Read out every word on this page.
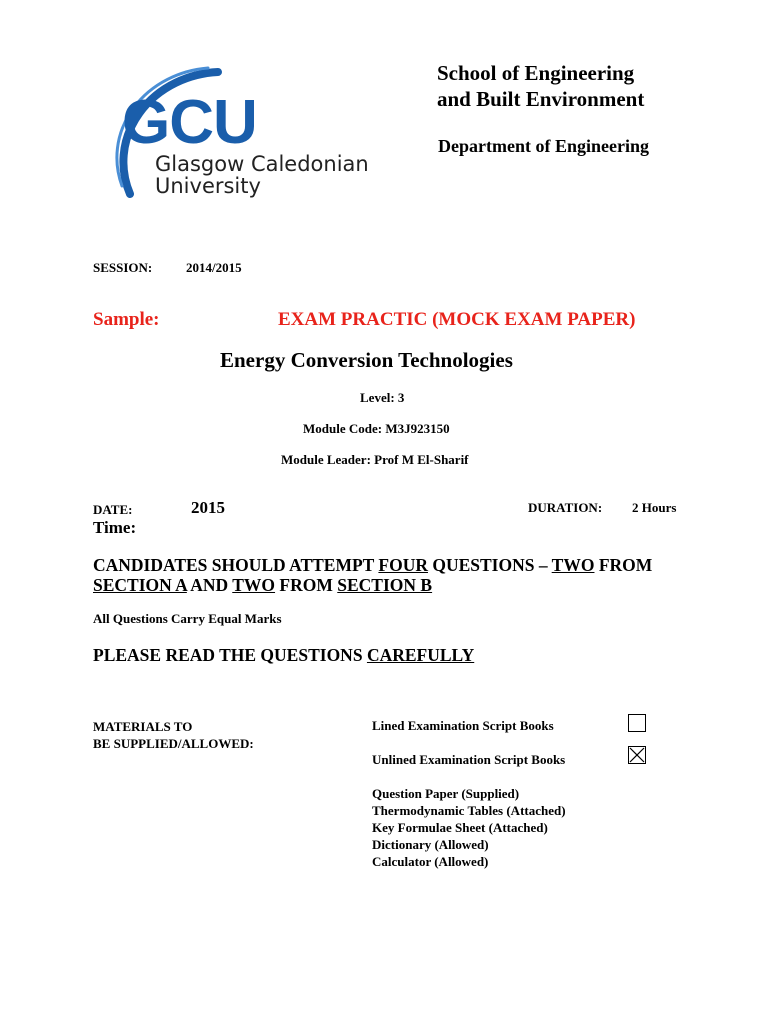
GCU
Glasgow Caledonian
University
School of Engineering
and Built Environment
Department of Engineering
SESSION:	2014/2015
Sample:	EXAM PRACTIC (MOCK EXAM PAPER)
Energy Conversion Technologies
Level: 3
Module Code: M3J923150
Module Leader: Prof M El-Sharif
DATE:	2015
Time:
DURATION: 2 Hours
CANDIDATES SHOULD ATTEMPT FOUR QUESTIONS – TWO FROM
SECTION A AND TWO FROM SECTION B
All Questions Carry Equal Marks
PLEASE READ THE QUESTIONS CAREFULLY
MATERIALS TO
BE SUPPLIED/ALLOWED:
Lined Examination Script Books
Unlined Examination Script Books
Question Paper (Supplied)
Thermodynamic Tables (Attached)
Key Formulae Sheet (Attached)
Dictionary (Allowed)
Calculator (Allowed)
